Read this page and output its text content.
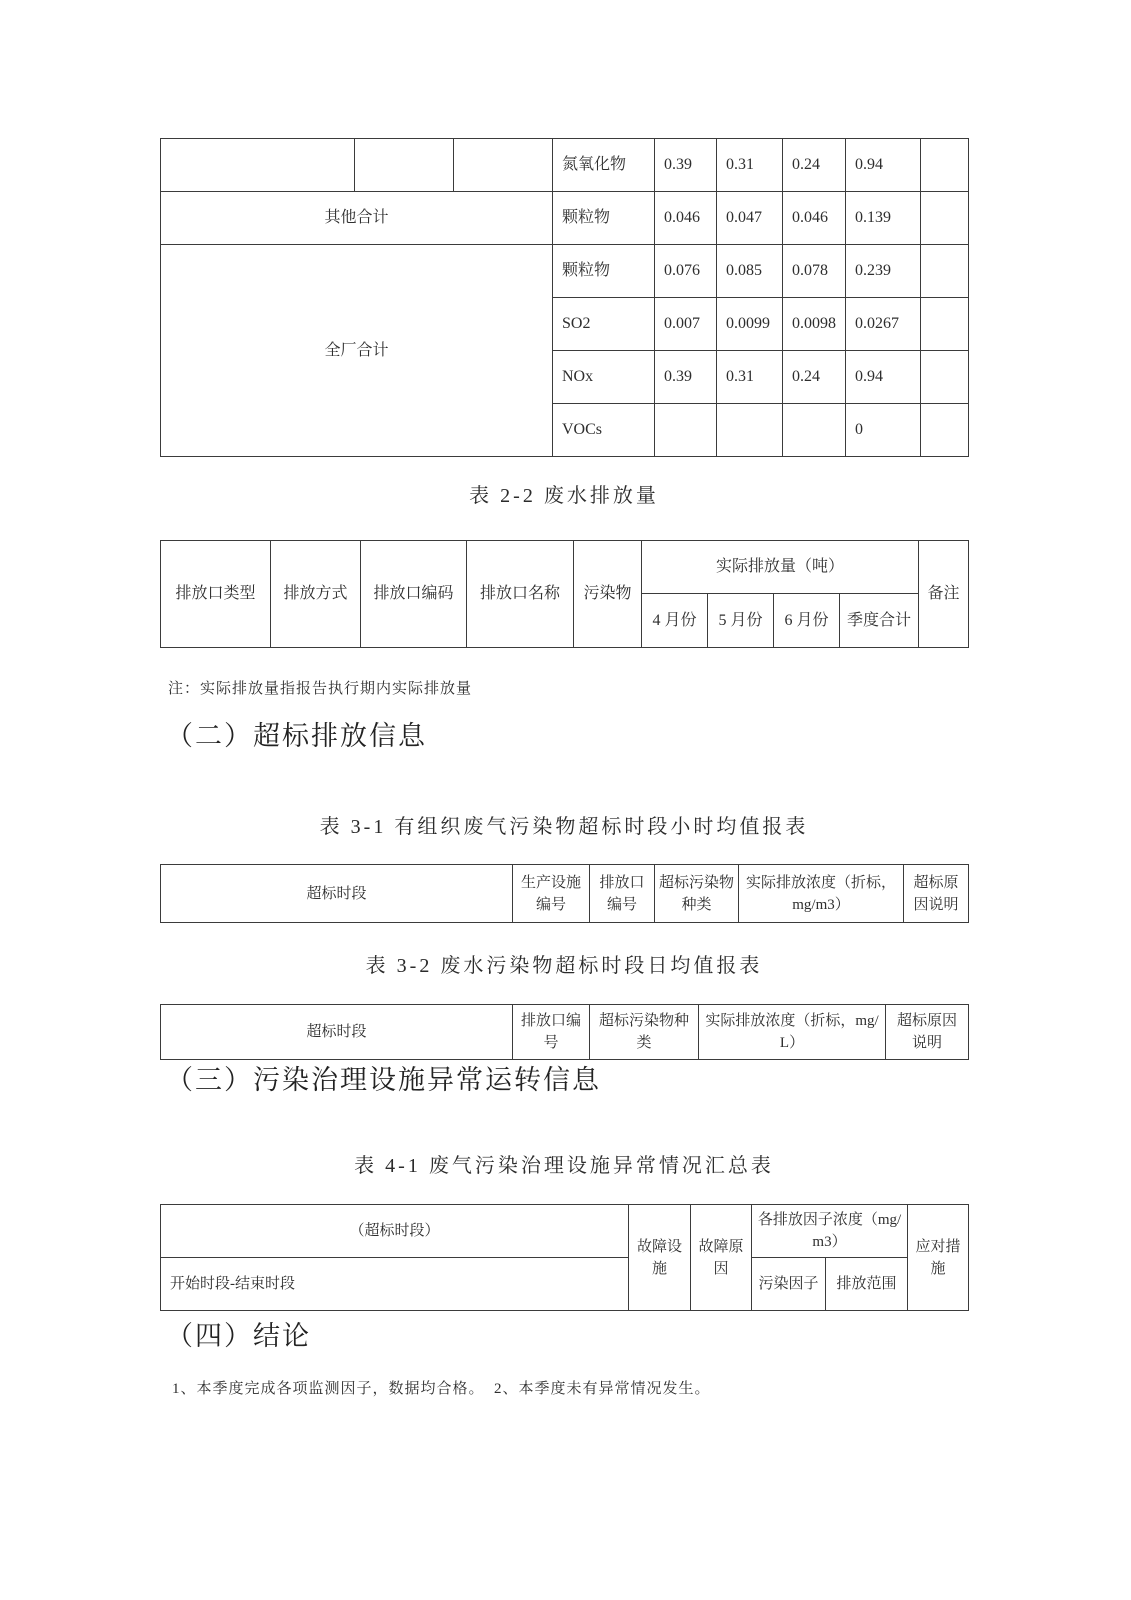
			氮氧化物	0.39	0.31	0.24	0.94	
其他合计			颗粒物	0.046	0.047	0.046	0.139	
全厂合计			颗粒物	0.076	0.085	0.078	0.239	
			SO2	0.007	0.0099	0.0098	0.0267	
			NOx	0.39	0.31	0.24	0.94	
			VOCs				0	
表 2-2 废水排放量
排放口类型	排放方式	排放口编码	排放口名称	污染物	实际排放量（吨）				备注
					4 月份	5 月份	6 月份	季度合计	
注：实际排放量指报告执行期内实际排放量
（二）超标排放信息
表 3-1 有组织废气污染物超标时段小时均值报表
超标时段	生产设施编号	排放口编号	超标污染物种类	实际排放浓度（折标，mg/m3）	超标原因说明
表 3-2 废水污染物超标时段日均值报表
超标时段	排放口编号	超标污染物种类	实际排放浓度（折标，mg/L）	超标原因说明
（三）污染治理设施异常运转信息
表 4-1 废气污染治理设施异常情况汇总表
（超标时段）	故障设施	故障原因	各排放因子浓度（mg/m3）		应对措施
开始时段-结束时段			污染因子	排放范围	
（四）结论
1、本季度完成各项监测因子，数据均合格。  2、本季度未有异常情况发生。
